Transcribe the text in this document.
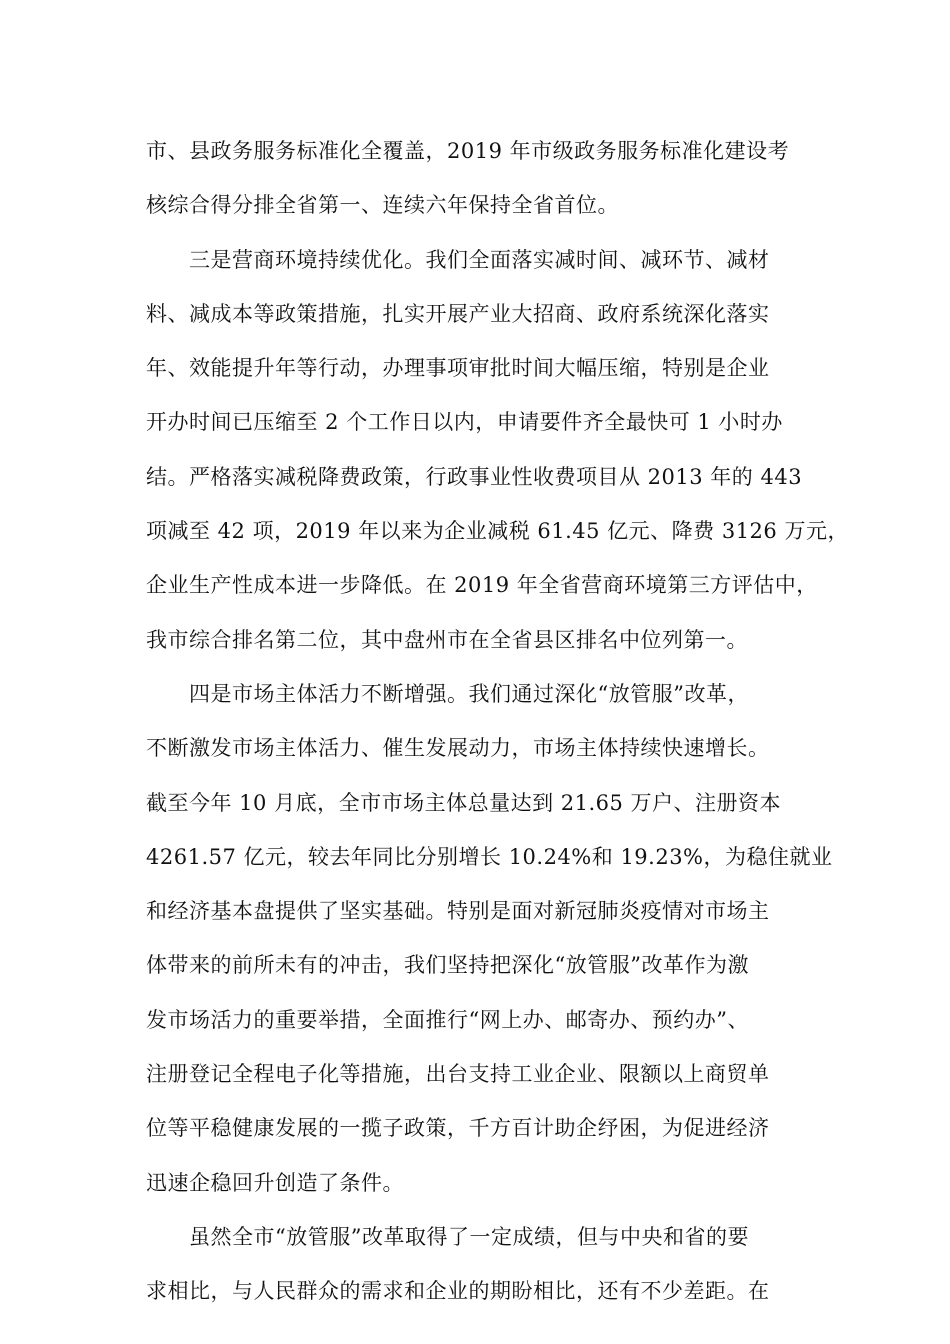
市、县政务服务标准化全覆盖，2019 年市级政务服务标准化建设考
核综合得分排全省第一、连续六年保持全省首位。
三是营商环境持续优化。我们全面落实减时间、减环节、减材
料、减成本等政策措施，扎实开展产业大招商、政府系统深化落实
年、效能提升年等行动，办理事项审批时间大幅压缩，特别是企业
开办时间已压缩至 2 个工作日以内，申请要件齐全最快可 1 小时办
结。严格落实减税降费政策，行政事业性收费项目从 2013 年的 443
项减至 42 项，2019 年以来为企业减税 61.45 亿元、降费 3126 万元，
企业生产性成本进一步降低。在 2019 年全省营商环境第三方评估中，
我市综合排名第二位，其中盘州市在全省县区排名中位列第一。
四是市场主体活力不断增强。我们通过深化“放管服”改革，
不断激发市场主体活力、催生发展动力，市场主体持续快速增长。
截至今年 10 月底，全市市场主体总量达到 21.65 万户、注册资本
4261.57 亿元，较去年同比分别增长 10.24%和 19.23%，为稳住就业
和经济基本盘提供了坚实基础。特别是面对新冠肺炎疫情对市场主
体带来的前所未有的冲击，我们坚持把深化“放管服”改革作为激
发市场活力的重要举措，全面推行“网上办、邮寄办、预约办”、
注册登记全程电子化等措施，出台支持工业企业、限额以上商贸单
位等平稳健康发展的一揽子政策，千方百计助企纾困，为促进经济
迅速企稳回升创造了条件。
虽然全市“放管服”改革取得了一定成绩，但与中央和省的要
求相比，与人民群众的需求和企业的期盼相比，还有不少差距。在
